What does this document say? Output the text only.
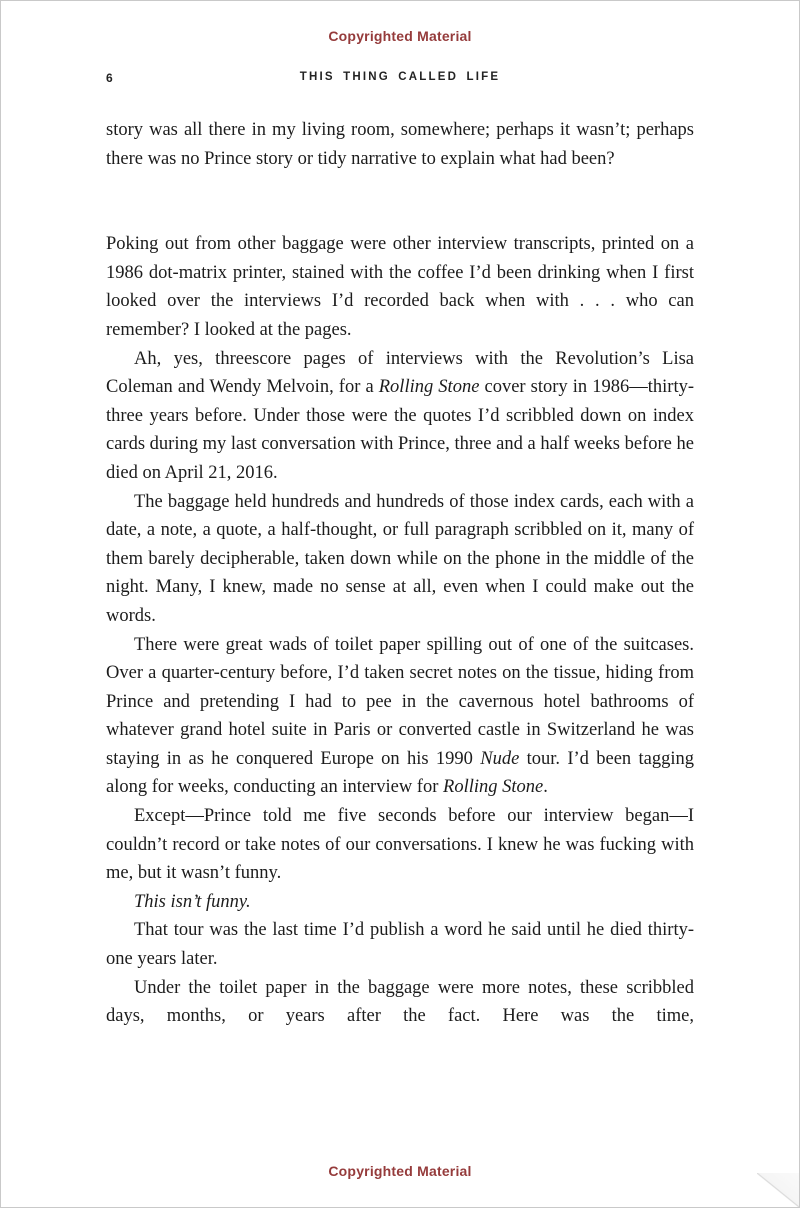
Copyrighted Material
6	THIS THING CALLED LIFE

story was all there in my living room, somewhere; perhaps it wasn’t; perhaps there was no Prince story or tidy narrative to explain what had been?

Poking out from other baggage were other interview transcripts, printed on a 1986 dot-matrix printer, stained with the coffee I’d been drinking when I first looked over the interviews I’d recorded back when with . . . who can remember? I looked at the pages.

Ah, yes, threescore pages of interviews with the Revolution’s Lisa Coleman and Wendy Melvoin, for a Rolling Stone cover story in 1986—thirty-three years before. Under those were the quotes I’d scribbled down on index cards during my last conversation with Prince, three and a half weeks before he died on April 21, 2016.

The baggage held hundreds and hundreds of those index cards, each with a date, a note, a quote, a half-thought, or full paragraph scribbled on it, many of them barely decipherable, taken down while on the phone in the middle of the night. Many, I knew, made no sense at all, even when I could make out the words.

There were great wads of toilet paper spilling out of one of the suitcases. Over a quarter-century before, I’d taken secret notes on the tissue, hiding from Prince and pretending I had to pee in the cavernous hotel bathrooms of whatever grand hotel suite in Paris or converted castle in Switzerland he was staying in as he conquered Europe on his 1990 Nude tour. I’d been tagging along for weeks, conducting an interview for Rolling Stone.

Except—Prince told me five seconds before our interview began—I couldn’t record or take notes of our conversations. I knew he was fucking with me, but it wasn’t funny.

This isn’t funny.

That tour was the last time I’d publish a word he said until he died thirty-one years later.

Under the toilet paper in the baggage were more notes, these scribbled days, months, or years after the fact. Here was the time,

Copyrighted Material
